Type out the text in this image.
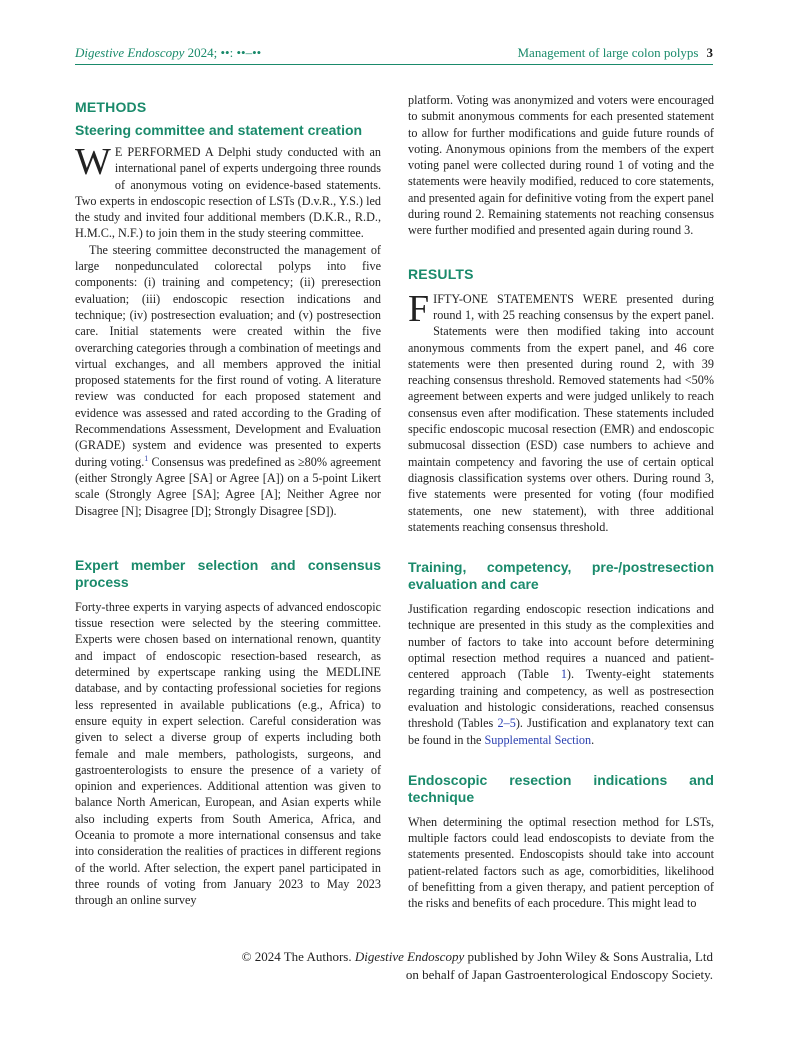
Digestive Endoscopy 2024; ••: ••–••	Management of large colon polyps 3
METHODS
Steering committee and statement creation

W E PERFORMED A Delphi study conducted with an international panel of experts undergoing three rounds of anonymous voting on evidence-based statements. Two experts in endoscopic resection of LSTs (D.v.R., Y.S.) led the study and invited four additional members (D.K.R., R.D., H.M.C., N.F.) to join them in the study steering committee.

The steering committee deconstructed the management of large nonpedunculated colorectal polyps into five components: (i) training and competency; (ii) preresection evaluation; (iii) endoscopic resection indications and technique; (iv) postresection evaluation; and (v) postresection care. Initial statements were created within the five overarching categories through a combination of meetings and virtual exchanges, and all members approved the initial proposed statements for the first round of voting. A literature review was conducted for each proposed statement and evidence was assessed and rated according to the Grading of Recommendations Assessment, Development and Evaluation (GRADE) system and evidence was presented to experts during voting.$^1$ Consensus was predefined as ≥80% agreement (either Strongly Agree [SA] or Agree [A]) on a 5-point Likert scale (Strongly Agree [SA]; Agree [A]; Neither Agree nor Disagree [N]; Disagree [D]; Strongly Disagree [SD]).

Expert member selection and consensus process

Forty-three experts in varying aspects of advanced endoscopic tissue resection were selected by the steering committee. Experts were chosen based on international renown, quantity and impact of endoscopic resection-based research, as determined by expertscape ranking using the MEDLINE database, and by contacting professional societies for regions less represented in available publications (e.g., Africa) to ensure equity in expert selection. Careful consideration was given to select a diverse group of experts including both female and male members, pathologists, surgeons, and gastroenterologists to ensure the presence of a variety of opinion and experiences. Additional attention was given to balance North American, European, and Asian experts while also including experts from South America, Africa, and Oceania to promote a more international consensus and take into consideration the realities of practices in different regions of the world. After selection, the expert panel participated in three rounds of voting from January 2023 to May 2023 through an online survey

platform. Voting was anonymized and voters were encouraged to submit anonymous comments for each presented statement to allow for further modifications and guide future rounds of voting. Anonymous opinions from the members of the expert voting panel were collected during round 1 of voting and the statements were heavily modified, reduced to core statements, and presented again for definitive voting from the expert panel during round 2. Remaining statements not reaching consensus were further modified and presented again during round 3.

RESULTS

FIFTY-ONE STATEMENTS WERE presented during round 1, with 25 reaching consensus by the expert panel. Statements were then modified taking into account anonymous comments from the expert panel, and 46 core statements were then presented during round 2, with 39 reaching consensus threshold. Removed statements had <50% agreement between experts and were judged unlikely to reach consensus even after modification. These statements included specific endoscopic mucosal resection (EMR) and endoscopic submucosal dissection (ESD) case numbers to achieve and maintain competency and favoring the use of certain optical diagnosis classification systems over others. During round 3, five statements were presented for voting (four modified statements, one new statement), with three additional statements reaching consensus threshold.

Training, competency, pre-/postresection evaluation and care

Justification regarding endoscopic resection indications and technique are presented in this study as the complexities and number of factors to take into account before determining optimal resection method requires a nuanced and patient-centered approach (Table 1). Twenty-eight statements regarding training and competency, as well as postresection evaluation and histologic considerations, reached consensus threshold (Tables 2–5). Justification and explanatory text can be found in the Supplemental Section.

Endoscopic resection indications and technique

When determining the optimal resection method for LSTs, multiple factors could lead endoscopists to deviate from the statements presented. Endoscopists should take into account patient-related factors such as age, comorbidities, likelihood of benefitting from a given therapy, and patient perception of the risks and benefits of each procedure. This might lead to

© 2024 The Authors. Digestive Endoscopy published by John Wiley & Sons Australia, Ltd
on behalf of Japan Gastroenterological Endoscopy Society.
